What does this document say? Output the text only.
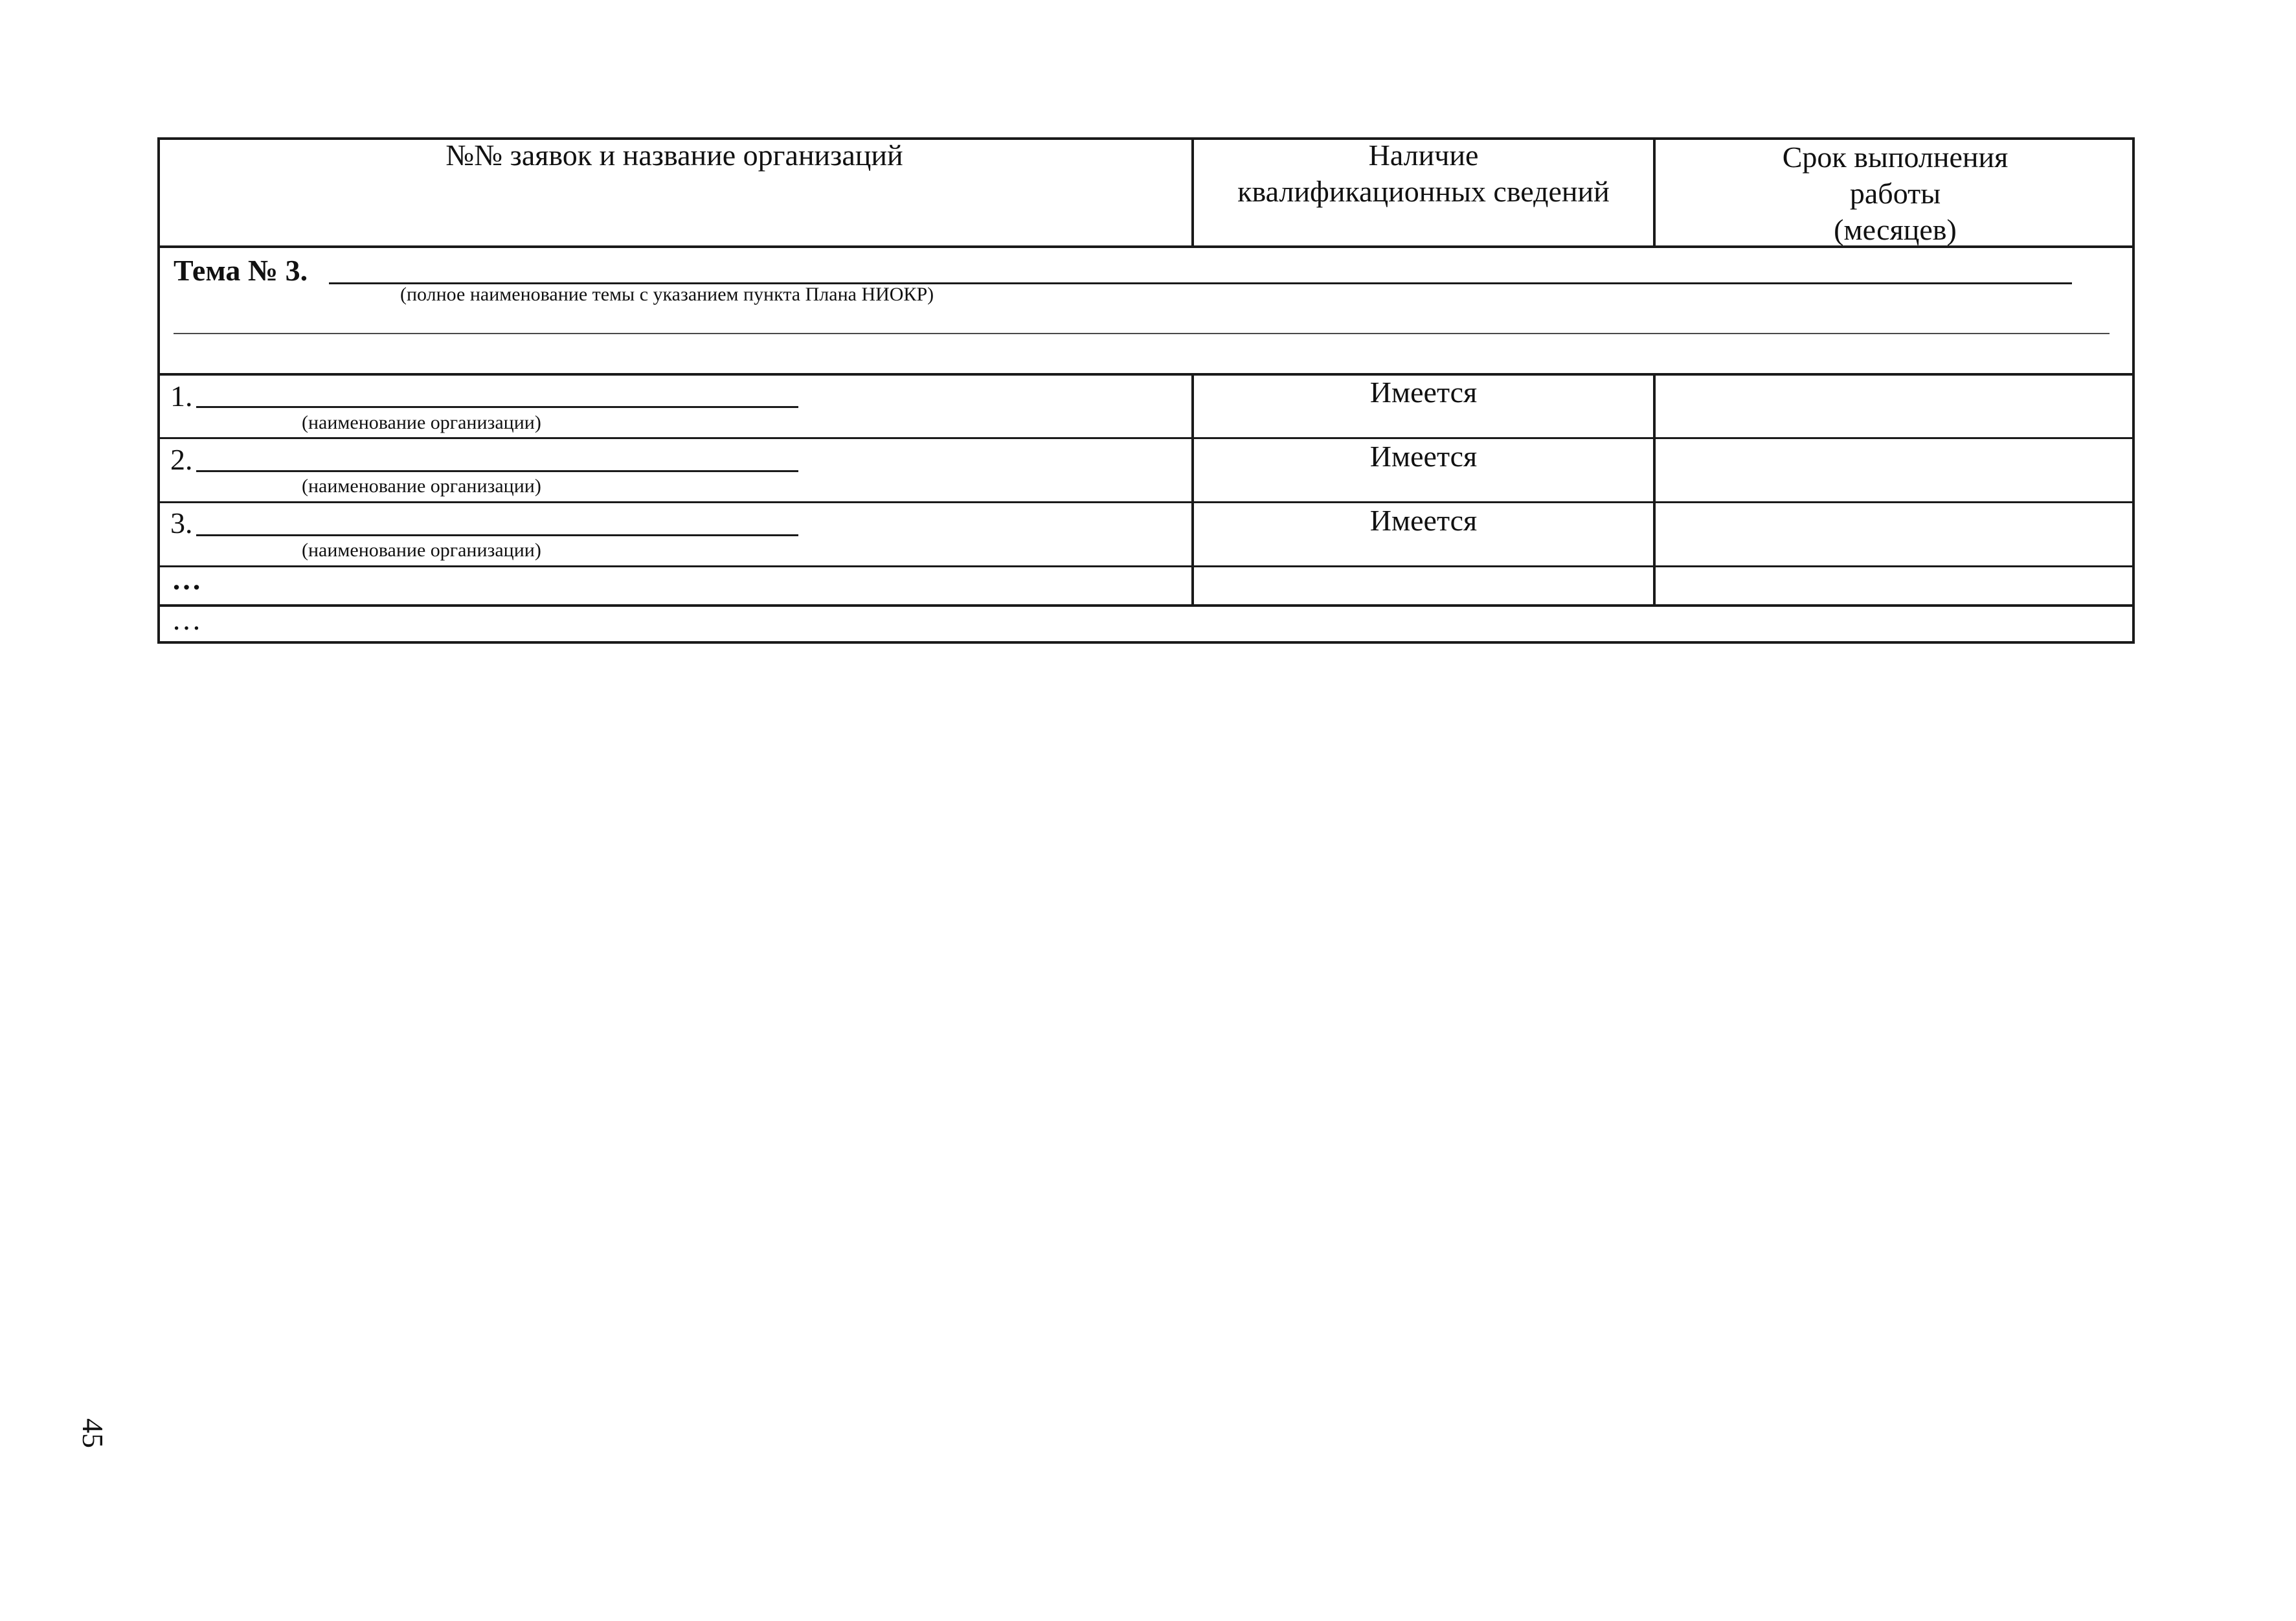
№№ заявок и название организаций	Наличие
квалификационных сведений
Срок выполнения
работы
(месяцев)
Тема № 3.
(полное наименование темы с указанием пункта Плана НИОКР)
1.
(наименование организации)
Имеется
2.
(наименование организации)
Имеется
3.
(наименование организации)
Имеется
…
…
45
